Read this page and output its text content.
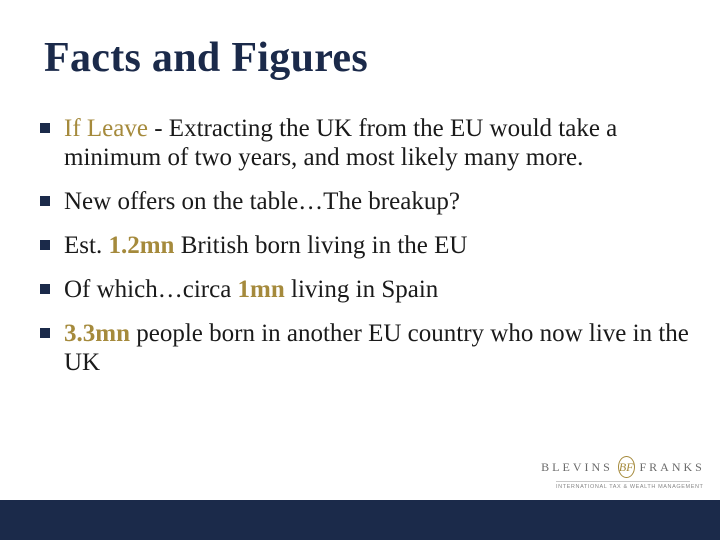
Facts and Figures
If Leave - Extracting the UK from the EU would take a minimum of two years, and most likely many more.
New offers on the table…The breakup?
Est. 1.2mn British born living in the EU
Of which…circa 1mn living in Spain
3.3mn people born in another EU country who now live in the UK
BLEVINS BF FRANKS
INTERNATIONAL TAX & WEALTH MANAGEMENT
